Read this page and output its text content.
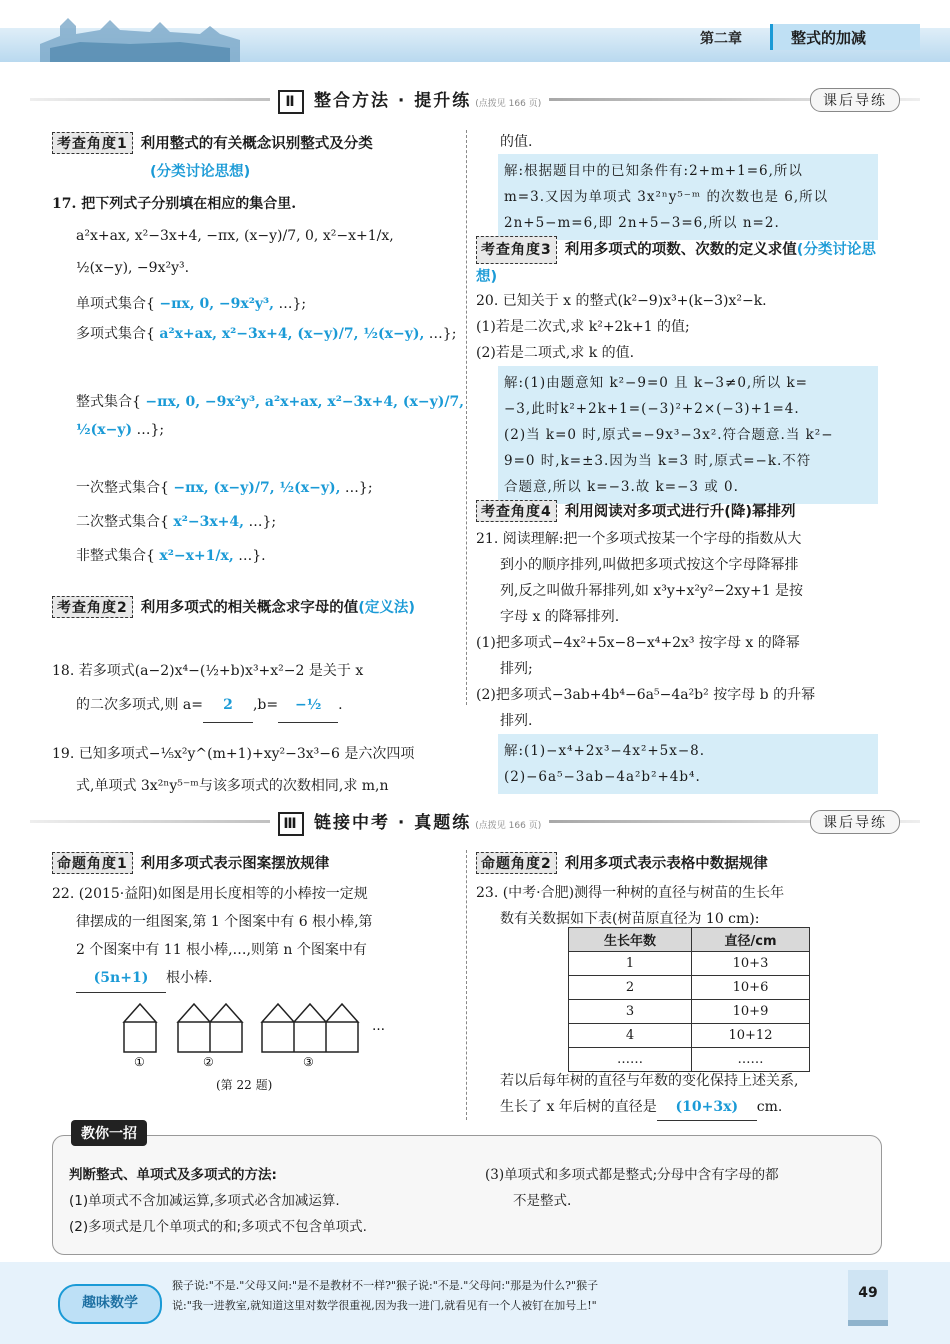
第二章	整式的加减
Ⅱ 整合方法 · 提升练 (点拨见 166 页)	课后导练
考查角度1 利用整式的有关概念识别整式及分类
(分类讨论思想)

17. 把下列式子分别填在相应的集合里.

a²x+ax, x²−3x+4, −πx, (x−y)/7, 0, x²−x+1/x,

½(x−y), −9x²y³.

单项式集合{ −πx, 0, −9x²y³, …};
多项式集合{ a²x+ax, x²−3x+4, (x−y)/7, ½(x−y), …};
整式集合{ −πx, 0, −9x²y³, a²x+ax, x²−3x+4, (x−y)/7, ½(x−y) …};
一次整式集合{ −πx, (x−y)/7, ½(x−y), …};
二次整式集合{ x²−3x+4, …};
非整式集合{ x²−x+1/x, …}.
考查角度2 利用多项式的相关概念求字母的值(定义法)

18. 若多项式(a−2)x⁴−(½+b)x³+x²−2 是关于 x

的二次多项式,则 a= 2 ,b= −½ .

19. 已知多项式−⅕x²y^(m+1)+xy²−3x³−6 是六次四项

式,单项式 3x²ⁿy⁵⁻ᵐ与该多项式的次数相同,求 m,n

的值.

解:根据题目中的已知条件有:2+m+1=6,所以
m=3.又因为单项式 3x²ⁿy⁵⁻ᵐ 的次数也是 6,所以
2n+5−m=6,即 2n+5−3=6,所以 n=2.
考查角度3 利用多项式的项数、次数的定义求值(分类讨论思想)

20. 已知关于 x 的整式(k²−9)x³+(k−3)x²−k.

(1)若是二次式,求 k²+2k+1 的值;

(2)若是二项式,求 k 的值.

解:(1)由题意知 k²−9=0 且 k−3≠0,所以 k=
−3,此时k²+2k+1=(−3)²+2×(−3)+1=4.
(2)当 k=0 时,原式=−9x³−3x².符合题意.当 k²−
9=0 时,k=±3.因为当 k=3 时,原式=−k.不符
合题意,所以 k=−3.故 k=−3 或 0.
考查角度4 利用阅读对多项式进行升(降)幂排列

21. 阅读理解:把一个多项式按某一个字母的指数从大

到小的顺序排列,叫做把多项式按这个字母降幂排

列,反之叫做升幂排列,如 x³y+x²y²−2xy+1 是按

字母 x 的降幂排列.

(1)把多项式−4x²+5x−8−x⁴+2x³ 按字母 x 的降幂

排列;

(2)把多项式−3ab+4b⁴−6a⁵−4a²b² 按字母 b 的升幂

排列.

解:(1)−x⁴+2x³−4x²+5x−8.
(2)−6a⁵−3ab−4a²b²+4b⁴.
Ⅲ 链接中考 · 真题练 (点拨见 166 页)	课后导练
命题角度1 利用多项式表示图案摆放规律

22. (2015·益阳)如图是用长度相等的小棒按一定规

律摆成的一组图案,第 1 个图案中有 6 根小棒,第

2 个图案中有 11 根小棒,…,则第 n 个图案中有

(5n+1) 根小棒.

…
①	②	③
(第 22 题)
命题角度2 利用多项式表示表格中数据规律

23. (中考·合肥)测得一种树的直径与树苗的生长年

数有关数据如下表(树苗原直径为 10 cm):

生长年数	直径/cm
1	10+3
2	10+6
3	10+9
4	10+12
……	……

若以后每年树的直径与年数的变化保持上述关系,

生长了 x 年后树的直径是 (10+3x) cm.

教你一招
判断整式、单项式及多项式的方法:
(1)单项式不含加减运算,多项式必含加减运算.
(2)多项式是几个单项式的和;多项式不包含单项式.
(3)单项式和多项式都是整式;分母中含有字母的都
不是整式.
趣味数学
猴子说:"不是."父母又问:"是不是教材不一样?"猴子说:"不是."父母问:"那是为什么?"猴子
说:"我一进教室,就知道这里对数学很重视,因为我一进门,就看见有一个人被钉在加号上!"
49
